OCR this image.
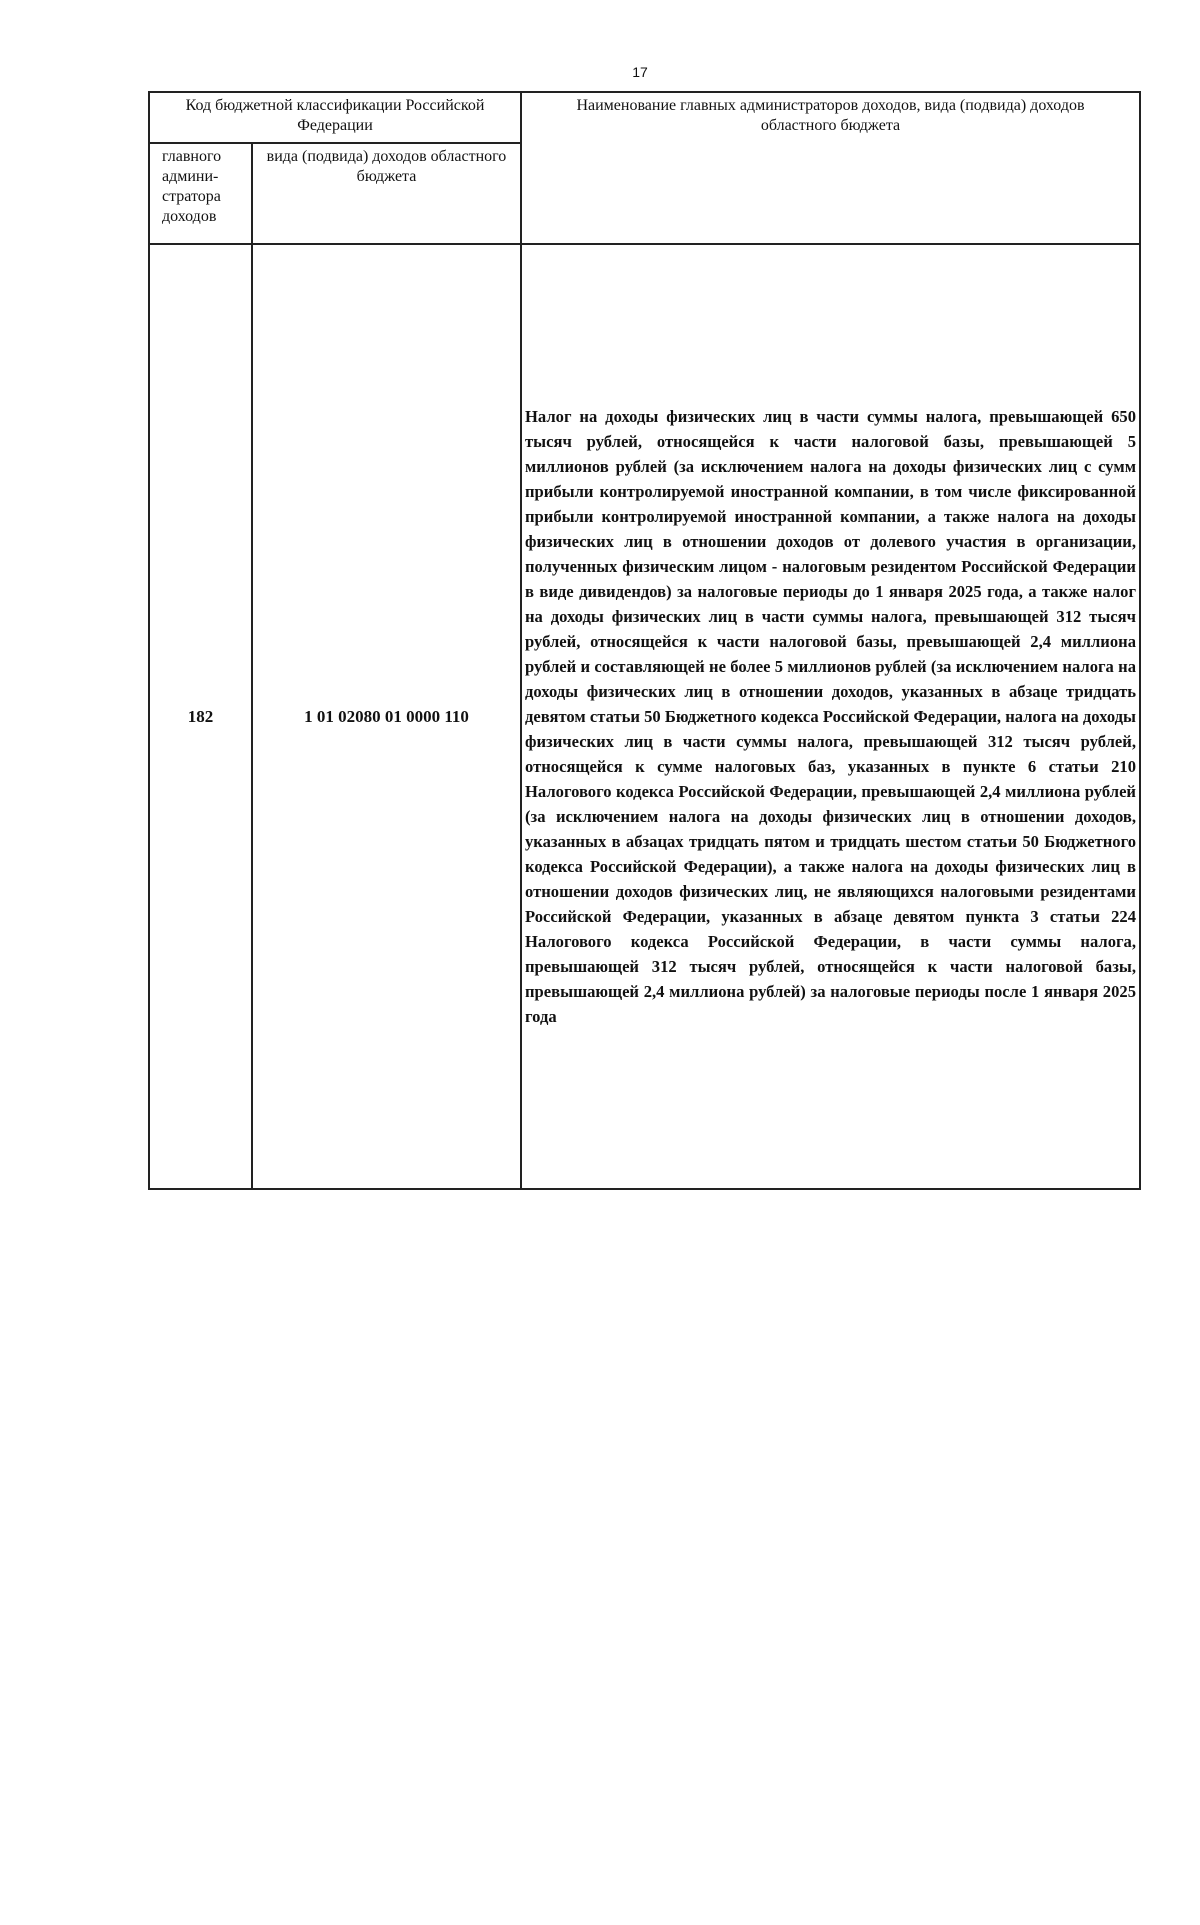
17
Код бюджетной классификации Российской Федерации		Наименование главных администраторов доходов, вида (подвида) доходов областного бюджета
главного админи-стратора доходов	вида (подвида) доходов областного бюджета	
182	1 01 02080 01 0000 110	Налог на доходы физических лиц в части суммы налога, превышающей 650 тысяч рублей, относящейся к части налоговой базы, превышающей 5 миллионов рублей (за исключением налога на доходы физических лиц с сумм прибыли контролируемой иностранной компании, в том числе фиксированной прибыли контролируемой иностранной компании, а также налога на доходы физических лиц в отношении доходов от долевого участия в организации, полученных физическим лицом - налоговым резидентом Российской Федерации в виде дивидендов) за налоговые периоды до 1 января 2025 года, а также налог на доходы физических лиц в части суммы налога, превышающей 312 тысяч рублей, относящейся к части налоговой базы, превышающей 2,4 миллиона рублей и составляющей не более 5 миллионов рублей (за исключением налога на доходы физических лиц в отношении доходов, указанных в абзаце тридцать девятом статьи 50 Бюджетного кодекса Российской Федерации, налога на доходы физических лиц в части суммы налога, превышающей 312 тысяч рублей, относящейся к сумме налоговых баз, указанных в пункте 6 статьи 210 Налогового кодекса Российской Федерации, превышающей 2,4 миллиона рублей (за исключением налога на доходы физических лиц в отношении доходов, указанных в абзацах тридцать пятом и тридцать шестом статьи 50 Бюджетного кодекса Российской Федерации), а также налога на доходы физических лиц в отношении доходов физических лиц, не являющихся налоговыми резидентами Российской Федерации, указанных в абзаце девятом пункта 3 статьи 224 Налогового кодекса Российской Федерации, в части суммы налога, превышающей 312 тысяч рублей, относящейся к части налоговой базы, превышающей 2,4 миллиона рублей) за налоговые периоды после 1 января 2025 года
